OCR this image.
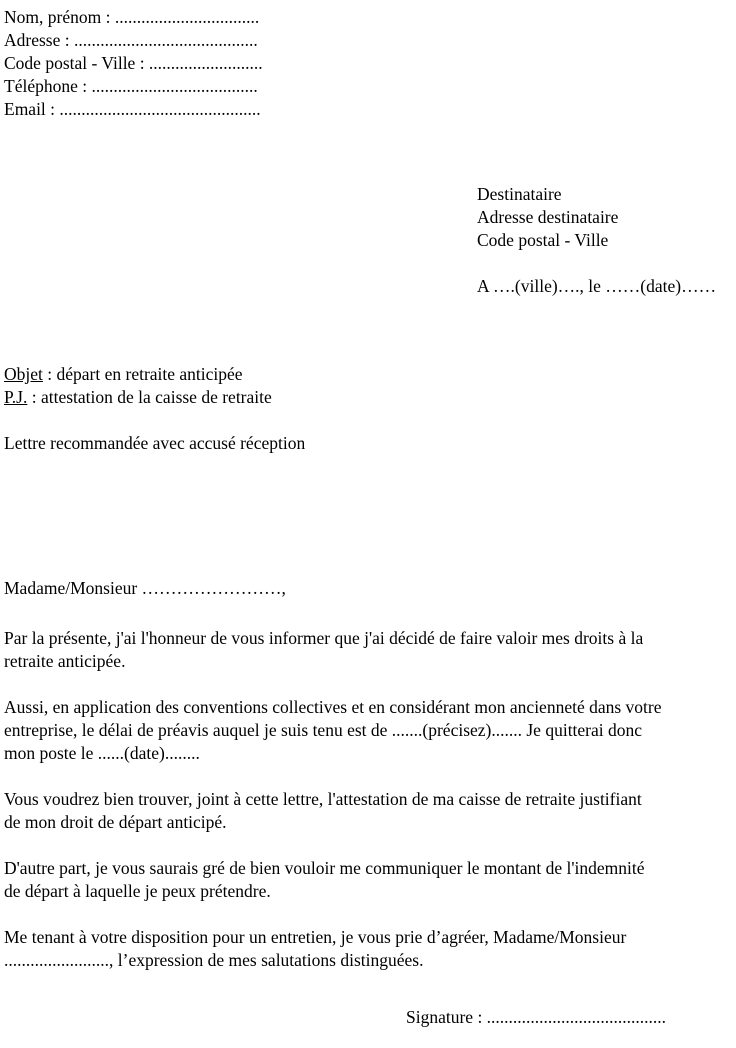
Nom, prénom : .................................
Adresse : ..........................................
Code postal - Ville : ..........................
Téléphone : ......................................
Email : ..............................................
Destinataire
Adresse destinataire
Code postal - Ville
A ….(ville)…., le ……(date)……
Objet : départ en retraite anticipée
P.J. : attestation de la caisse de retraite
Lettre recommandée avec accusé réception
Madame/Monsieur ……………………,
Par la présente, j'ai l'honneur de vous informer que j'ai décidé de faire valoir mes droits à la
retraite anticipée.
Aussi, en application des conventions collectives et en considérant mon ancienneté dans votre
entreprise, le délai de préavis auquel je suis tenu est de .......(précisez)....... Je quitterai donc
mon poste le ......(date)........
Vous voudrez bien trouver, joint à cette lettre, l'attestation de ma caisse de retraite justifiant
de mon droit de départ anticipé.
D'autre part, je vous saurais gré de bien vouloir me communiquer le montant de l'indemnité
de départ à laquelle je peux prétendre.
Me tenant à votre disposition pour un entretien, je vous prie d’agréer, Madame/Monsieur
........................, l’expression de mes salutations distinguées.
Signature : .........................................
